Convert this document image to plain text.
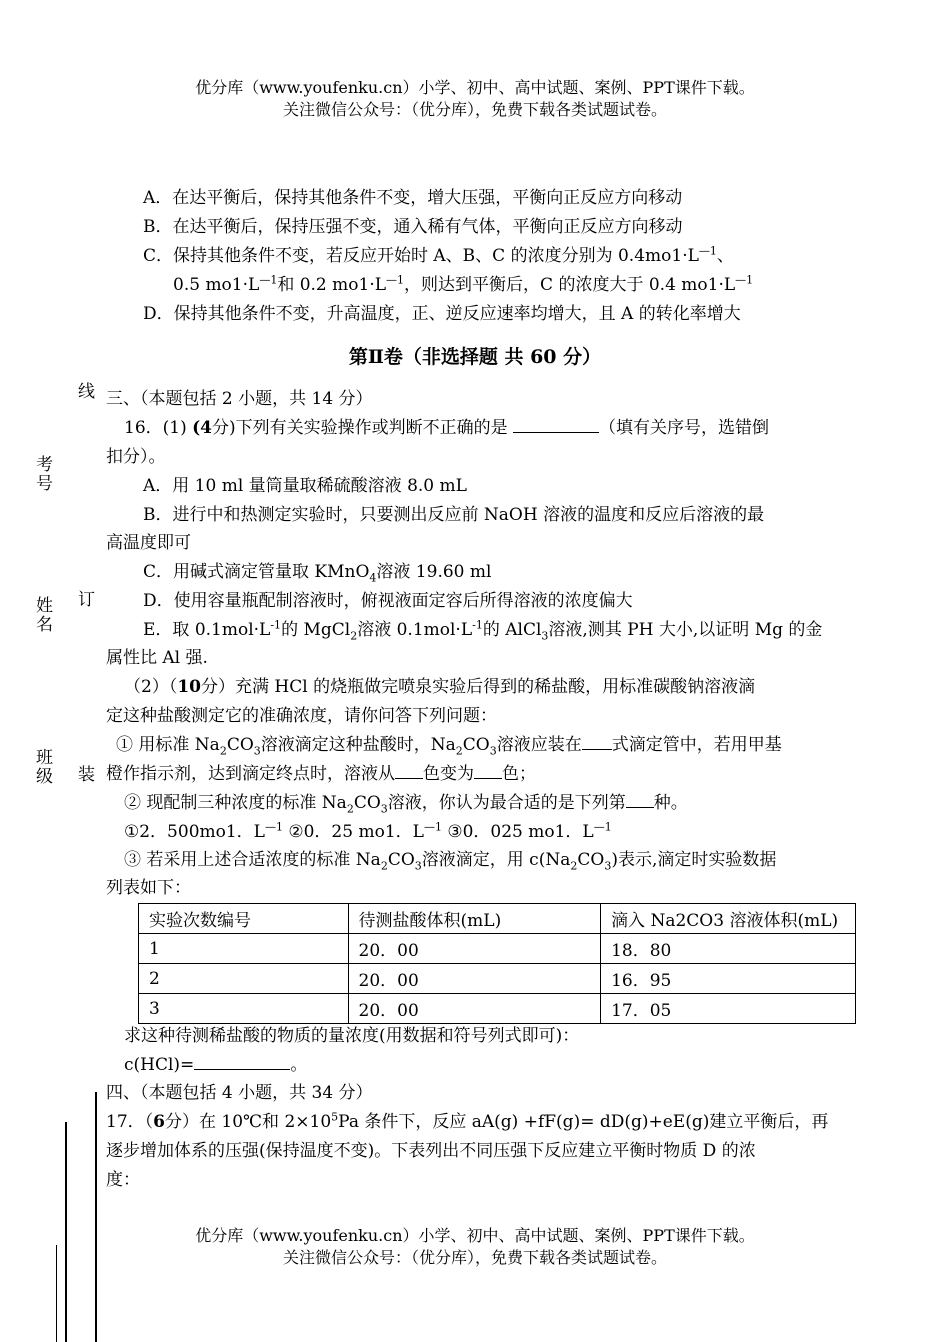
优分库（www.youfenku.cn）小学、初中、高中试题、案例、PPT课件下载。
关注微信公众号：（优分库），免费下载各类试题试卷。
线
考号
姓名 订
班级 装
A．在达平衡后，保持其他条件不变，增大压强，平衡向正反应方向移动
B．在达平衡后，保持压强不变，通入稀有气体，平衡向正反应方向移动
C．保持其他条件不变，若反应开始时 A、B、C 的浓度分别为 $0.4mo1\cdot L^{—1}$、
0.5 $mo1\cdot L^{—1}$和 0.2 $mo1\cdot L^{—1}$，则达到平衡后，C 的浓度大于 0.4 $mo1\cdot L^{—1}$
D．保持其他条件不变，升高温度，正、逆反应速率均增大，且 A 的转化率增大
第Ⅱ卷（非选择题 共 60 分）
三、（本题包括 2 小题，共 14 分）
16．(1) (4分)下列有关实验操作或判断不正确的是	（填有关序号，选错倒
扣分）。
A．用 10 ml 量筒量取稀硫酸溶液 8.0 mL
B．进行中和热测定实验时，只要测出反应前 NaOH 溶液的温度和反应后溶液的最
高温度即可
C．用碱式滴定管量取 KMnO$_4$溶液 19.60 ml
D．使用容量瓶配制溶液时，俯视液面定容后所得溶液的浓度偏大
E．取 $0.1mol\cdot L^{-1}$的 MgCl$_2$溶液 $0.1mol\cdot L^{-1}$的 AlCl$_3$溶液,测其 PH 大小,以证明 Mg 的金
属性比 Al 强.
（2）（10分）充满 HCl 的烧瓶做完喷泉实验后得到的稀盐酸，用标准碳酸钠溶液滴
定这种盐酸测定它的准确浓度，请你问答下列问题：
① 用标准 $Na_2CO_3$溶液滴定这种盐酸时，$Na_2CO_3$溶液应装在 式滴定管中，若用甲基
橙作指示剂，达到滴定终点时，溶液从 色变为 色；
② 现配制三种浓度的标准 $Na_2CO_3$溶液，你认为最合适的是下列第 种。
①2．500mo1．$L^{—1}$ ②0．25 mo1．$L^{—1}$ ③0．025 mo1．$L^{—1}$
③ 若采用上述合适浓度的标准 $Na_2CO_3$溶液滴定，用 $c(Na_2CO_3)$表示,滴定时实验数据
列表如下：
实验次数编号	待测盐酸体积(mL)	滴入 Na2CO3 溶液体积(mL)
1	20．00	18．80
2	20．00	16．95
3	20．00	17．05
求这种待测稀盐酸的物质的量浓度(用数据和符号列式即可)：
c(HCl)=	。
四、（本题包括 4 小题，共 34 分）
17．（6分）在 10℃和 $2\times 10^5Pa$ 条件下，反应 aA(g) +fF(g)= dD(g)+eE(g)建立平衡后，再
逐步增加体系的压强(保持温度不变)。下表列出不同压强下反应建立平衡时物质 D 的浓
度：
优分库（www.youfenku.cn）小学、初中、高中试题、案例、PPT课件下载。
关注微信公众号：（优分库），免费下载各类试题试卷。
